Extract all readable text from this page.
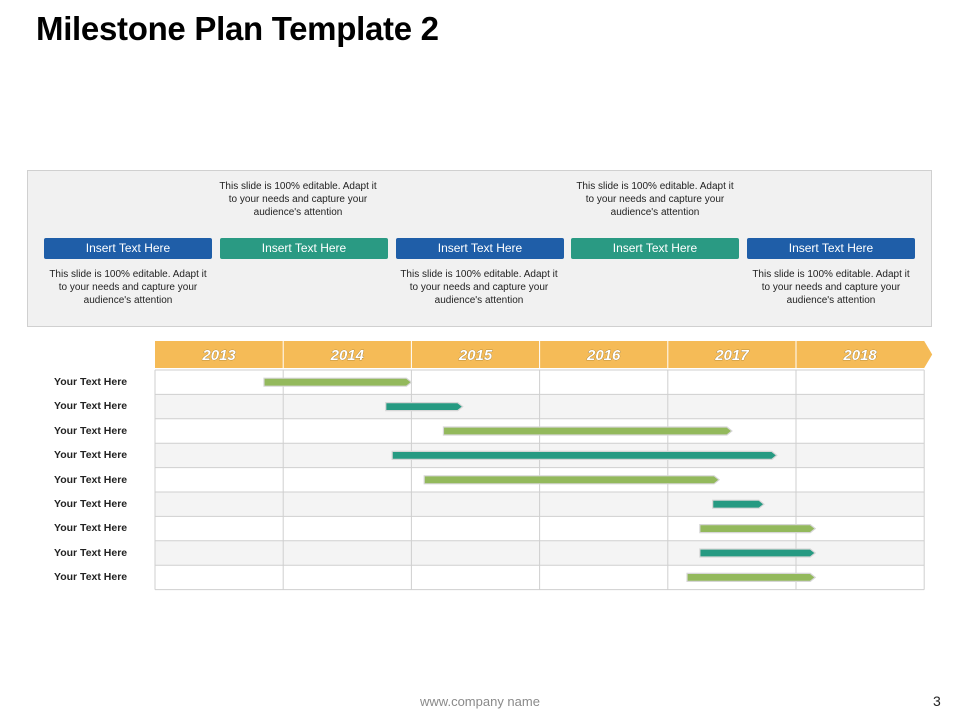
Milestone Plan Template 2
This slide is 100% editable. Adapt it to your needs and capture your audience's attention
This slide is 100% editable. Adapt it to your needs and capture your audience's attention
This slide is 100% editable. Adapt it to your needs and capture your audience's attention
This slide is 100% editable. Adapt it to your needs and capture your audience's attention
This slide is 100% editable. Adapt it to your needs and capture your audience's attention
Insert Text Here	Insert Text Here	Insert Text Here	Insert Text Here	Insert Text Here
2013	2014	2015	2016	2017	2018
Your Text Here
Your Text Here
Your Text Here
Your Text Here
Your Text Here
Your Text Here
Your Text Here
Your Text Here
Your Text Here
www.company name	3
